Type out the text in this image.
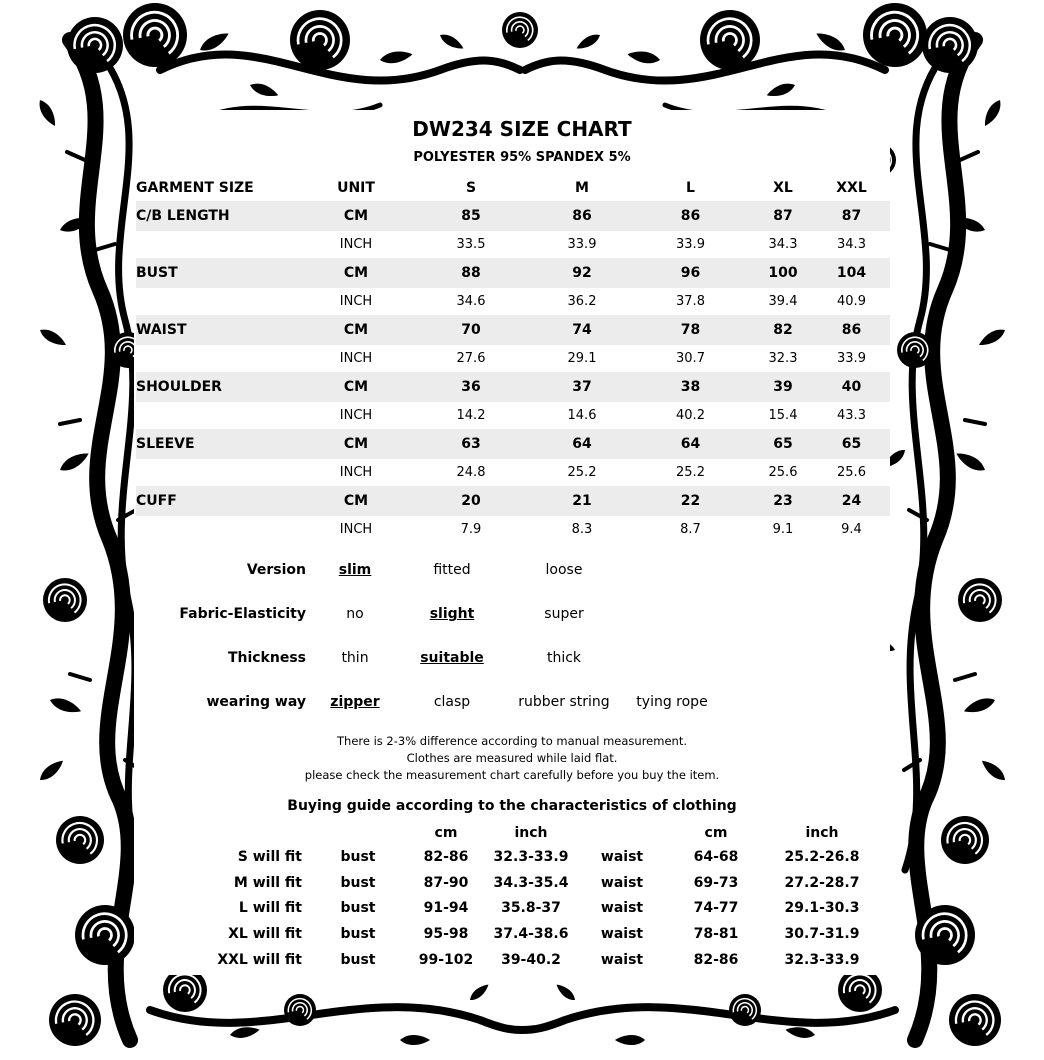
DW234 SIZE CHART
POLYESTER 95% SPANDEX 5%
GARMENT SIZE	UNIT	S	M	L	XL	XXL
C/B LENGTH	CM	85	86	86	87	87
	INCH	33.5	33.9	33.9	34.3	34.3
BUST	CM	88	92	96	100	104
	INCH	34.6	36.2	37.8	39.4	40.9
WAIST	CM	70	74	78	82	86
	INCH	27.6	29.1	30.7	32.3	33.9
SHOULDER	CM	36	37	38	39	40
	INCH	14.2	14.6	40.2	15.4	43.3
SLEEVE	CM	63	64	64	65	65
	INCH	24.8	25.2	25.2	25.6	25.6
CUFF	CM	20	21	22	23	24
	INCH	7.9	8.3	8.7	9.1	9.4
Version	slim	fitted	loose
Fabric-Elasticity	no	slight	super
Thickness	thin	suitable	thick
wearing way	zipper	clasp	rubber string	tying rope
There is 2-3% difference according to manual measurement.
Clothes are measured while laid flat.
please check the measurement chart carefully before you buy the item.
Buying guide according to the characteristics of clothing
		cm	inch		cm	inch
S will fit	bust	82-86	32.3-33.9	waist	64-68	25.2-26.8
M will fit	bust	87-90	34.3-35.4	waist	69-73	27.2-28.7
L will fit	bust	91-94	35.8-37	waist	74-77	29.1-30.3
XL will fit	bust	95-98	37.4-38.6	waist	78-81	30.7-31.9
XXL will fit	bust	99-102	39-40.2	waist	82-86	32.3-33.9
